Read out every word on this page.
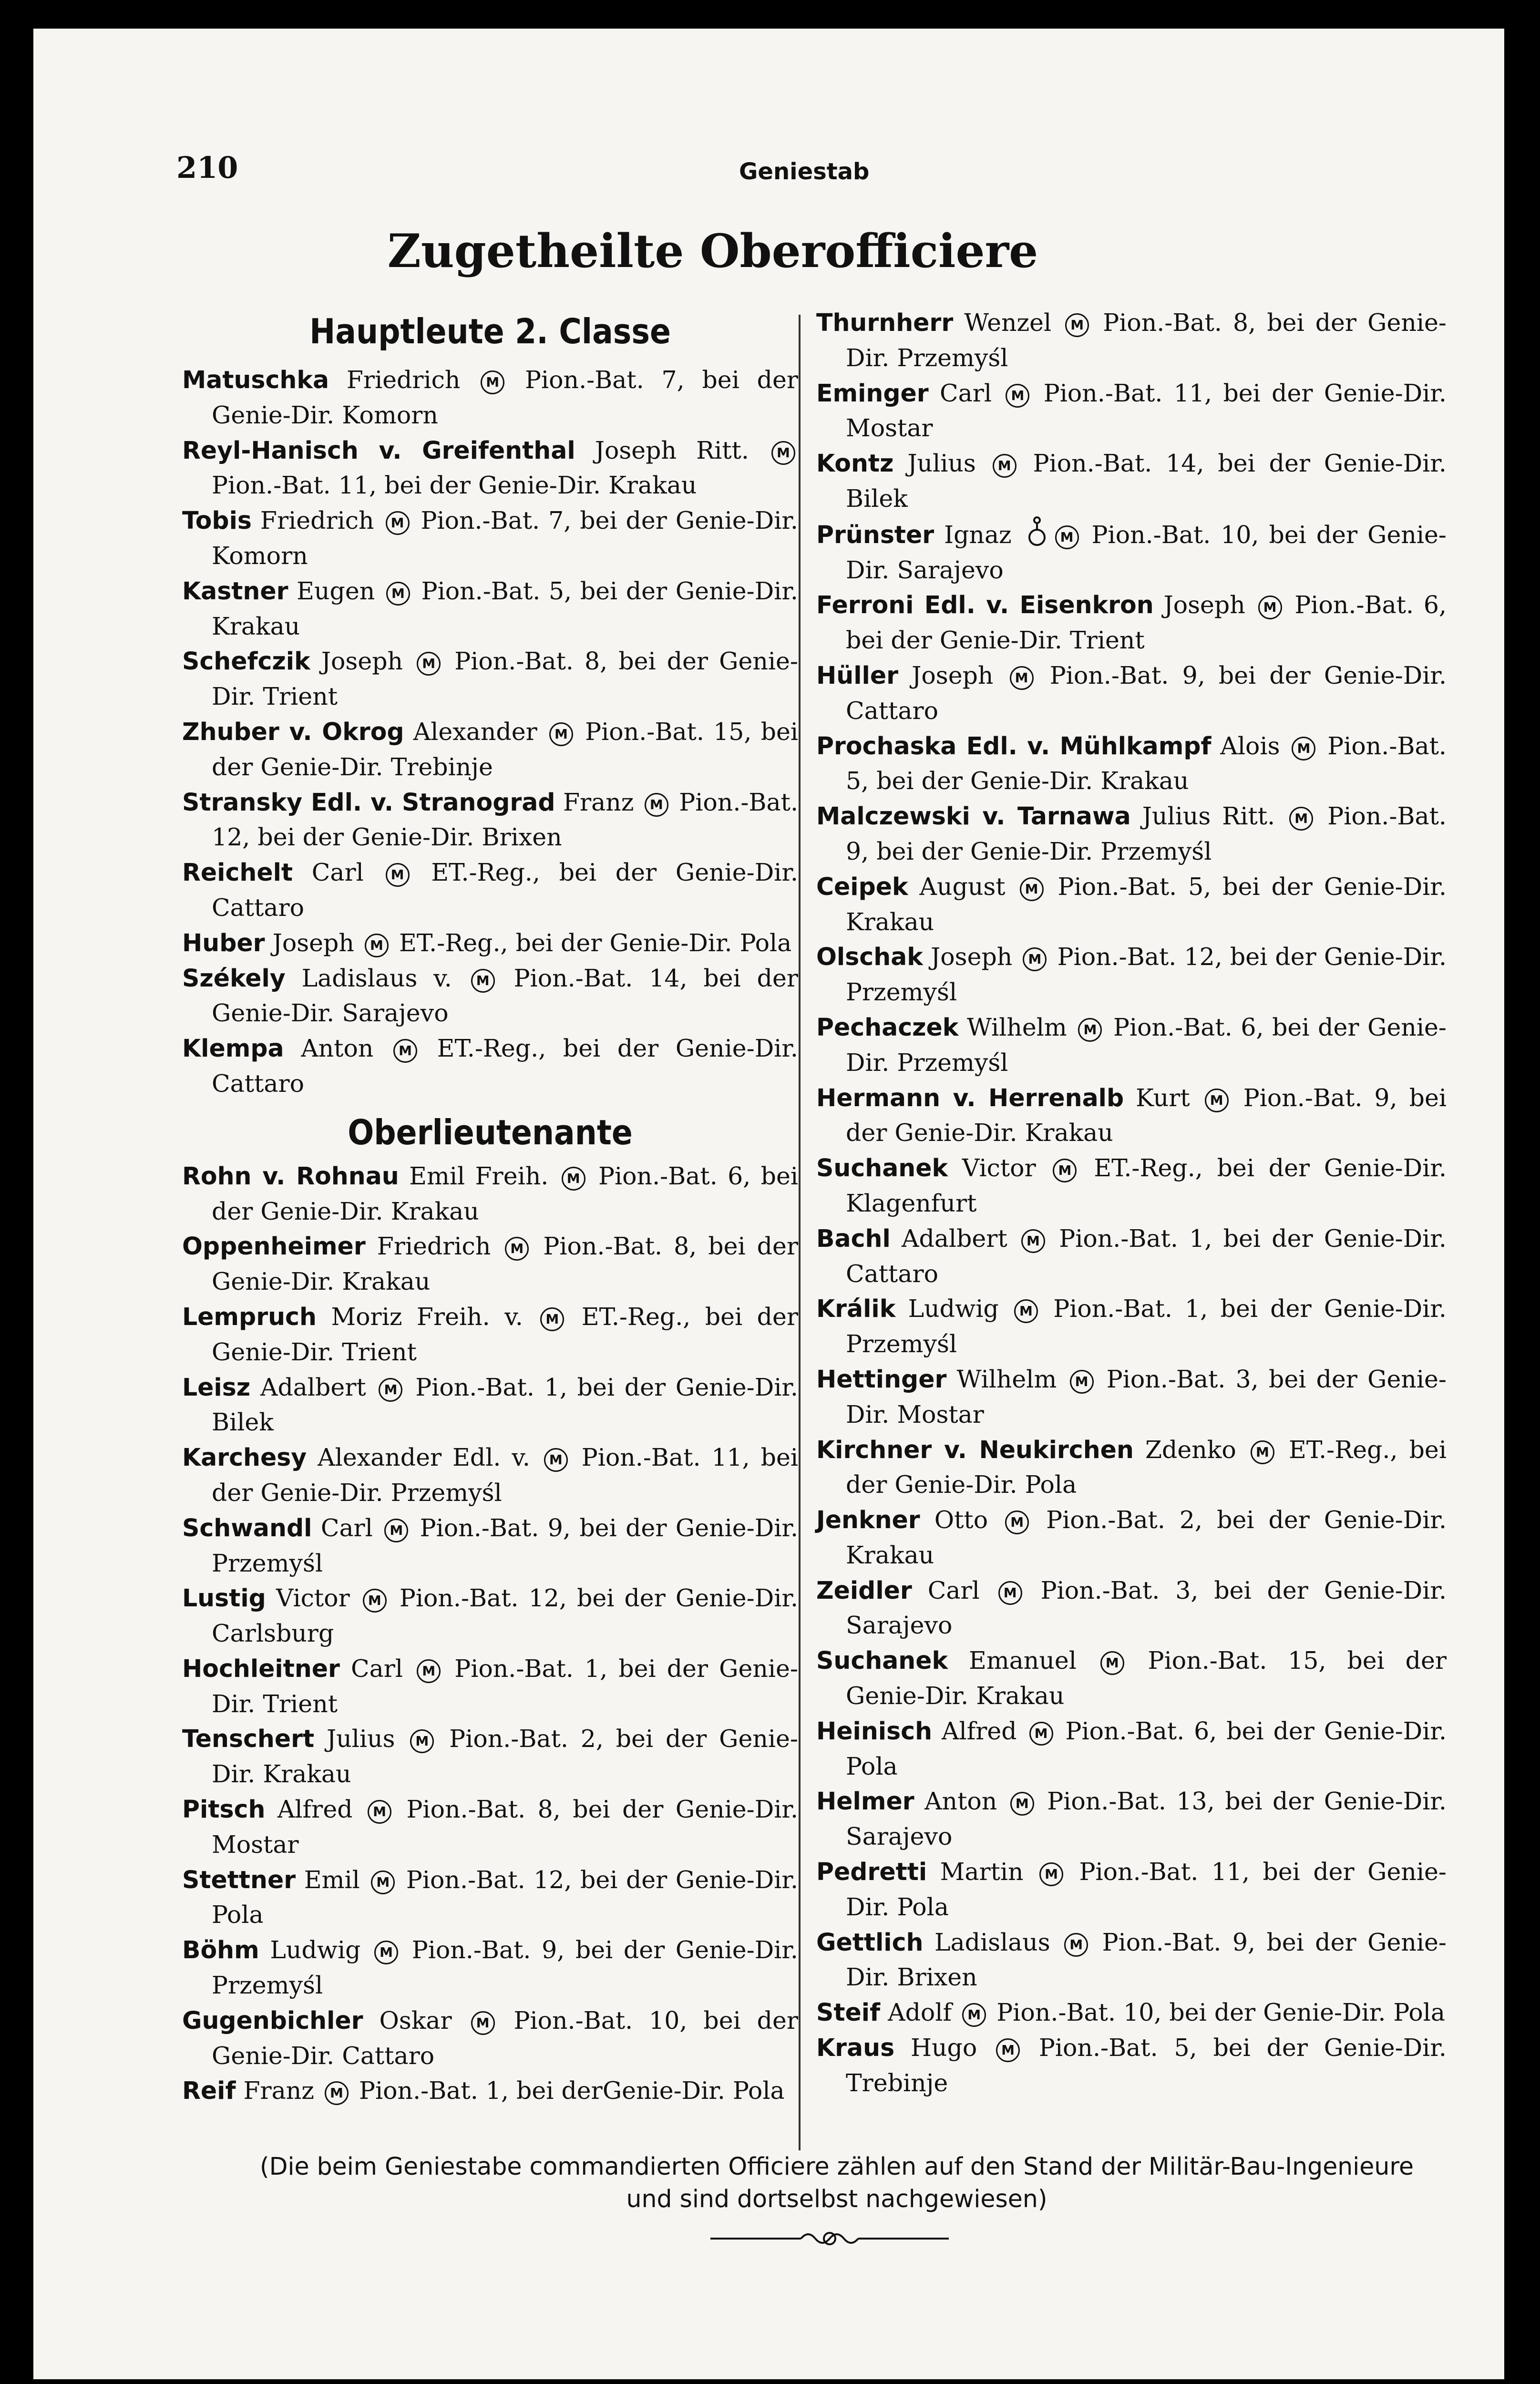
210	Geniestab
Zugetheilte Oberofficiere
Hauptleute 2. Classe
Matuschka Friedrich M Pion.-Bat. 7, bei der Genie-Dir. Komorn
Reyl-Hanisch v. Greifenthal Joseph Ritt. M Pion.-Bat. 11, bei der Genie-Dir. Krakau
Tobis Friedrich M Pion.-Bat. 7, bei der Genie-Dir. Komorn
Kastner Eugen M Pion.-Bat. 5, bei der Genie-Dir. Krakau
Schefczik Joseph M Pion.-Bat. 8, bei der Genie-Dir. Trient
Zhuber v. Okrog Alexander M Pion.-Bat. 15, bei der Genie-Dir. Trebinje
Stransky Edl. v. Stranograd Franz M Pion.-Bat. 12, bei der Genie-Dir. Brixen
Reichelt Carl M ET.-Reg., bei der Genie-Dir. Cattaro
Huber Joseph M ET.-Reg., bei der Genie-Dir. Pola
Székely Ladislaus v. M Pion.-Bat. 14, bei der Genie-Dir. Sarajevo
Klempa Anton M ET.-Reg., bei der Genie-Dir. Cattaro
Oberlieutenante
Rohn v. Rohnau Emil Freih. M Pion.-Bat. 6, bei der Genie-Dir. Krakau
Oppenheimer Friedrich M Pion.-Bat. 8, bei der Genie-Dir. Krakau
Lempruch Moriz Freih. v. M ET.-Reg., bei der Genie-Dir. Trient
Leisz Adalbert M Pion.-Bat. 1, bei der Genie-Dir. Bilek
Karchesy Alexander Edl. v. M Pion.-Bat. 11, bei der Genie-Dir. Przemyśl
Schwandl Carl M Pion.-Bat. 9, bei der Genie-Dir. Przemyśl
Lustig Victor M Pion.-Bat. 12, bei der Genie-Dir. Carlsburg
Hochleitner Carl M Pion.-Bat. 1, bei der Genie-Dir. Trient
Tenschert Julius M Pion.-Bat. 2, bei der Genie-Dir. Krakau
Pitsch Alfred M Pion.-Bat. 8, bei der Genie-Dir. Mostar
Stettner Emil M Pion.-Bat. 12, bei der Genie-Dir. Pola
Böhm Ludwig M Pion.-Bat. 9, bei der Genie-Dir. Przemyśl
Gugenbichler Oskar M Pion.-Bat. 10, bei der Genie-Dir. Cattaro
Reif Franz M Pion.-Bat. 1, bei derGenie-Dir. Pola
Thurnherr Wenzel M Pion.-Bat. 8, bei der Genie-Dir. Przemyśl
Eminger Carl M Pion.-Bat. 11, bei der Genie-Dir. Mostar
Kontz Julius M Pion.-Bat. 14, bei der Genie-Dir. Bilek
Prünster Ignaz	M Pion.-Bat. 10, bei der Genie-Dir. Sarajevo
Ferroni Edl. v. Eisenkron Joseph M Pion.-Bat. 6, bei der Genie-Dir. Trient
Hüller Joseph M Pion.-Bat. 9, bei der Genie-Dir. Cattaro
Prochaska Edl. v. Mühlkampf Alois M Pion.-Bat. 5, bei der Genie-Dir. Krakau
Malczewski v. Tarnawa Julius Ritt. M Pion.-Bat. 9, bei der Genie-Dir. Przemyśl
Ceipek August M Pion.-Bat. 5, bei der Genie-Dir. Krakau
Olschak Joseph M Pion.-Bat. 12, bei der Genie-Dir. Przemyśl
Pechaczek Wilhelm M Pion.-Bat. 6, bei der Genie-Dir. Przemyśl
Hermann v. Herrenalb Kurt M Pion.-Bat. 9, bei der Genie-Dir. Krakau
Suchanek Victor M ET.-Reg., bei der Genie-Dir. Klagenfurt
Bachl Adalbert M Pion.-Bat. 1, bei der Genie-Dir. Cattaro
Králik Ludwig M Pion.-Bat. 1, bei der Genie-Dir. Przemyśl
Hettinger Wilhelm M Pion.-Bat. 3, bei der Genie-Dir. Mostar
Kirchner v. Neukirchen Zdenko M ET.-Reg., bei der Genie-Dir. Pola
Jenkner Otto M Pion.-Bat. 2, bei der Genie-Dir. Krakau
Zeidler Carl M Pion.-Bat. 3, bei der Genie-Dir. Sarajevo
Suchanek Emanuel M Pion.-Bat. 15, bei der Genie-Dir. Krakau
Heinisch Alfred M Pion.-Bat. 6, bei der Genie-Dir. Pola
Helmer Anton M Pion.-Bat. 13, bei der Genie-Dir. Sarajevo
Pedretti Martin M Pion.-Bat. 11, bei der Genie-Dir. Pola
Gettlich Ladislaus M Pion.-Bat. 9, bei der Genie-Dir. Brixen
Steif Adolf M Pion.-Bat. 10, bei der Genie-Dir. Pola
Kraus Hugo M Pion.-Bat. 5, bei der Genie-Dir. Trebinje
(Die beim Geniestabe commandierten Officiere zählen auf den Stand der Militär-Bau-Ingenieure
und sind dortselbst nachgewiesen)
